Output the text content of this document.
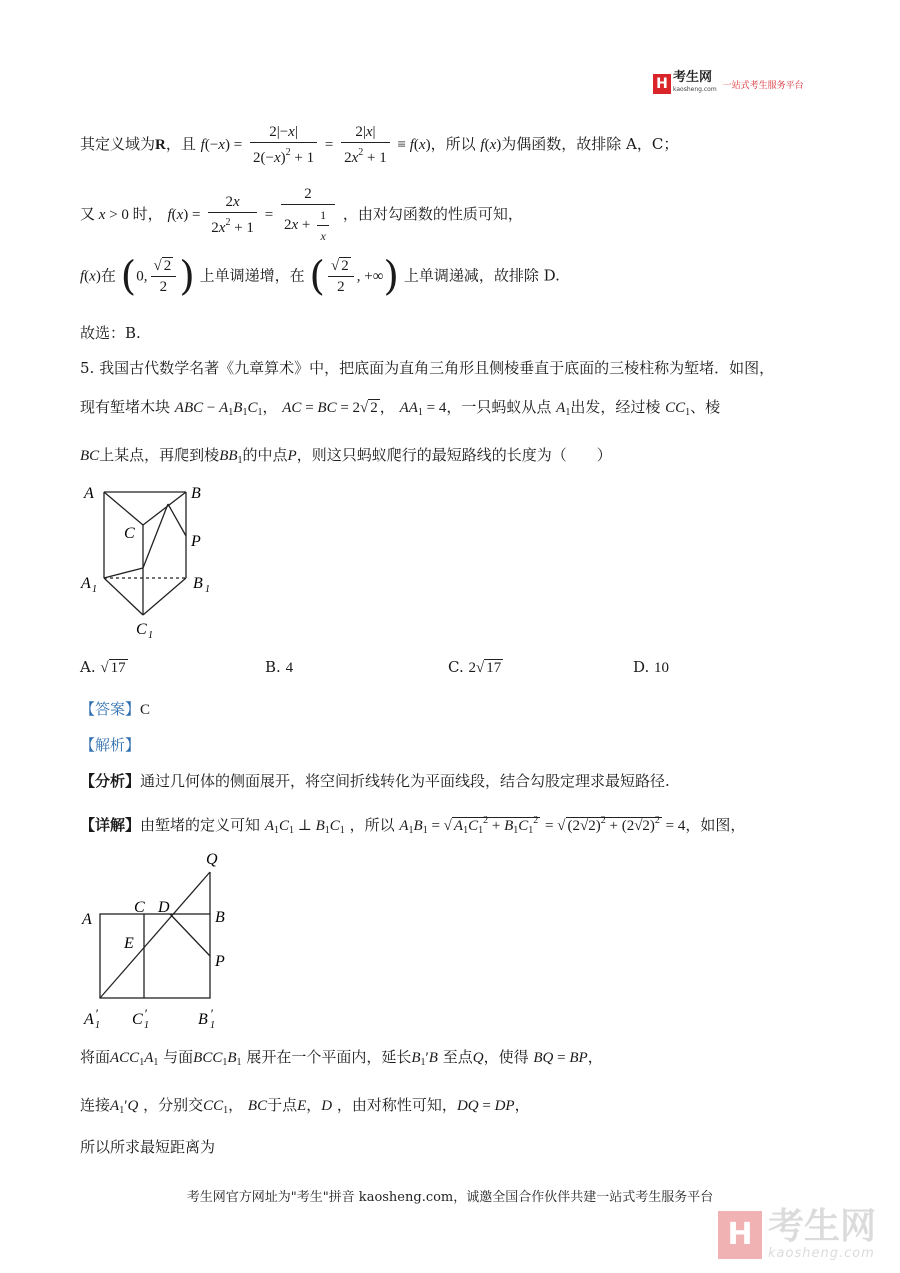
H 考生网
kaosheng.com 一站式考生服务平台
其定义域为R，且 $f(-x) = \frac{2|-x|}{2(-x)^2 + 1} = \frac{2|x|}{2x^2 + 1} \equiv f(x)$，所以 f(x)为偶函数，故排除 A，C；
又 x > 0 时， $f(x) = \frac{2x}{2x^2 + 1} = \frac{2}{2x + \frac{1}{x}}$ ，由对勾函数的性质可知，
f(x)在 (0, $\frac{√ 2}{2}$ ) 上单调递增，在 ( $\frac{√ 2}{2}$ , +∞) 上单调递减，故排除 D.
故选：B.
5. 我国古代数学名著《九章算术》中，把底面为直角三角形且侧棱垂直于底面的三棱柱称为堑堵．如图，
现有堑堵木块 ABC − $A_1B_1C_1$， AC = BC = 2√ 2 ， $AA_1 = 4$，一只蚂蚁从点 $A_1$出发，经过棱 $CC_1$、棱
BC上某点，再爬到棱$BB_1$的中点P，则这只蚂蚁爬行的最短路线的长度为（　　）
A	B
C	P
A 1	B 1
C 1
A. √ 17	B. 4	C. 2√ 17	D. 10
【答案】C
【解析】
【分析】通过几何体的侧面展开，将空间折线转化为平面线段，结合勾股定理求最短路径.
【详解】由堑堵的定义可知 $A_1C_1$ ⊥ $B_1C_1$ ，所以 $A_1B_1$ = √ $A_1C_1^2 + B_1C_1^2$ = √ $(2√2)^2 + (2√2)^2 = 4$，如图，
Q
A
C D
B
E
P
A ′
1 C ′
1	B ′
1
将面$ACC_1A_1$ 与面$BCC_1B_1$ 展开在一个平面内，延长$B_1'B$ 至点Q，使得 BQ = BP，
连接$A_1'Q$ ，分别交$CC_1$， BC于点E，D ，由对称性可知，DQ = DP，
所以所求最短距离为
考生网官方网址为"考生"拼音 kaosheng.com，诚邀全国合作伙伴共建一站式考生服务平台
H 考生网
kaosheng.com
